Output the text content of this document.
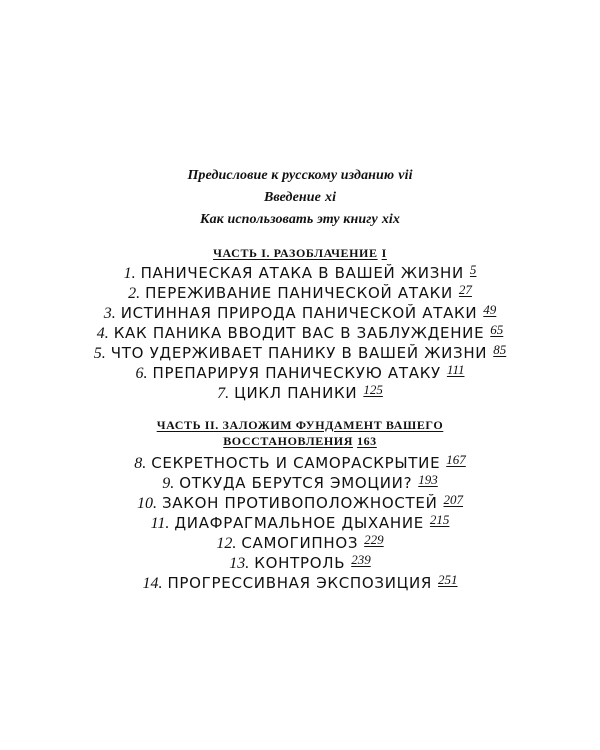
Предисловие к русскому изданию vii
Введение xi
Как использовать эту книгу xix
ЧАСТЬ I. РАЗОБЛАЧЕНИЕ I
1. ПАНИЧЕСКАЯ АТАКА В ВАШЕЙ ЖИЗНИ 5
2. ПЕРЕЖИВАНИЕ ПАНИЧЕСКОЙ АТАКИ 27
3. ИСТИННАЯ ПРИРОДА ПАНИЧЕСКОЙ АТАКИ 49
4. КАК ПАНИКА ВВОДИТ ВАС В ЗАБЛУЖДЕНИЕ 65
5. ЧТО УДЕРЖИВАЕТ ПАНИКУ В ВАШЕЙ ЖИЗНИ 85
6. ПРЕПАРИРУЯ ПАНИЧЕСКУЮ АТАКУ 111
7. ЦИКЛ ПАНИКИ 125
ЧАСТЬ II. ЗАЛОЖИМ ФУНДАМЕНТ ВАШЕГО
ВОССТАНОВЛЕНИЯ 163
8. СЕКРЕТНОСТЬ И САМОРАСКРЫТИЕ 167
9. ОТКУДА БЕРУТСЯ ЭМОЦИИ? 193
10. ЗАКОН ПРОТИВОПОЛОЖНОСТЕЙ 207
11. ДИАФРАГМАЛЬНОЕ ДЫХАНИЕ 215
12. САМОГИПНОЗ 229
13. КОНТРОЛЬ 239
14. ПРОГРЕССИВНАЯ ЭКСПОЗИЦИЯ 251
